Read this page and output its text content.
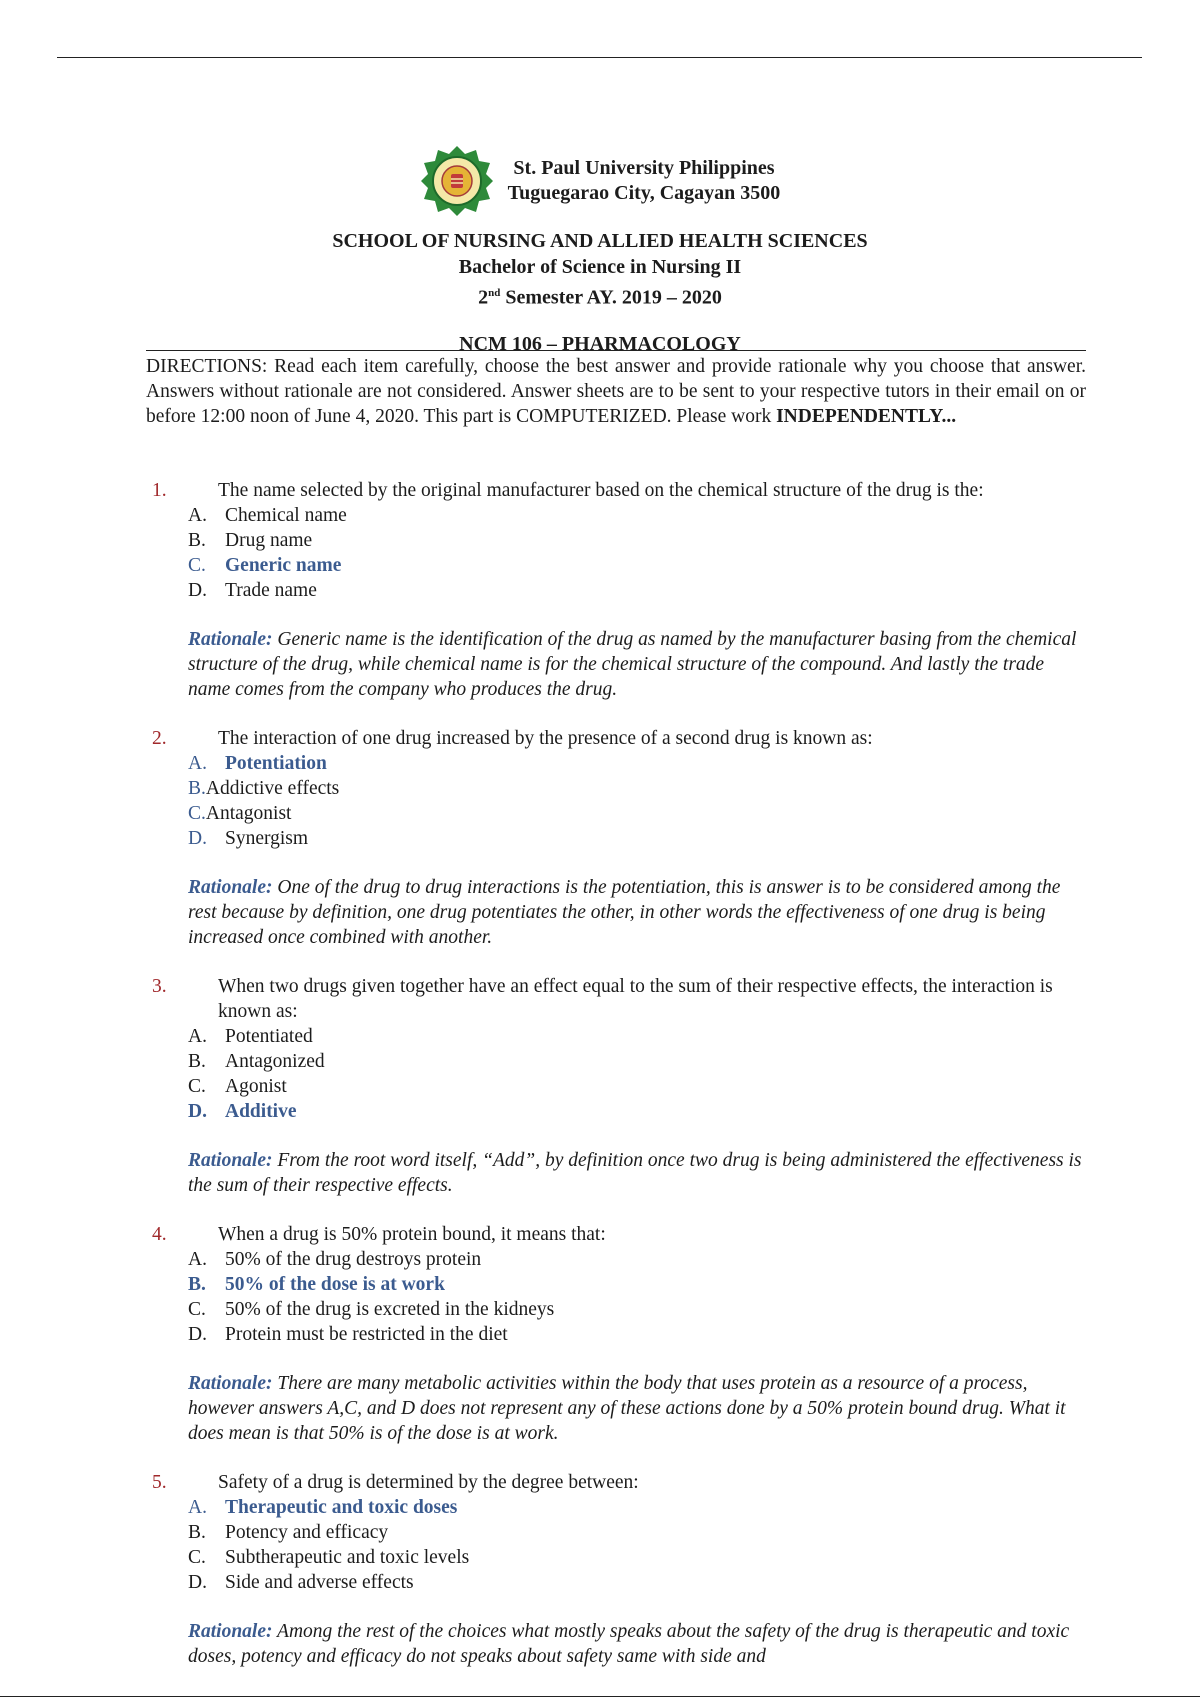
St. Paul University Philippines
Tuguegarao City, Cagayan 3500
SCHOOL OF NURSING AND ALLIED HEALTH SCIENCES
Bachelor of Science in Nursing II
2nd Semester AY. 2019 – 2020
NCM 106 – PHARMACOLOGY
DIRECTIONS: Read each item carefully, choose the best answer and provide rationale why you choose that answer. Answers without rationale are not considered. Answer sheets are to be sent to your respective tutors in their email on or before 12:00 noon of June 4, 2020. This part is COMPUTERIZED. Please work INDEPENDENTLY...
1.	The name selected by the original manufacturer based on the chemical structure of the drug is the:
A. Chemical name
B. Drug name
C. Generic name
D. Trade name
Rationale: Generic name is the identification of the drug as named by the manufacturer basing from the chemical structure of the drug, while chemical name is for the chemical structure of the compound. And lastly the trade name comes from the company who produces the drug.
2.	The interaction of one drug increased by the presence of a second drug is known as:
A. Potentiation
B. Addictive effects
C. Antagonist
D. Synergism
Rationale: One of the drug to drug interactions is the potentiation, this is answer is to be considered among the rest because by definition, one drug potentiates the other, in other words the effectiveness of one drug is being increased once combined with another.
3.	When two drugs given together have an effect equal to the sum of their respective effects, the interaction is known as:
A. Potentiated
B. Antagonized
C. Agonist
D. Additive
Rationale: From the root word itself, “Add”, by definition once two drug is being administered the effectiveness is the sum of their respective effects.
4.	When a drug is 50% protein bound, it means that:
A. 50% of the drug destroys protein
B. 50% of the dose is at work
C. 50% of the drug is excreted in the kidneys
D. Protein must be restricted in the diet
Rationale: There are many metabolic activities within the body that uses protein as a resource of a process, however answers A,C, and D does not represent any of these actions done by a 50% protein bound drug. What it does mean is that 50% is of the dose is at work.
5.	Safety of a drug is determined by the degree between:
A. Therapeutic and toxic doses
B. Potency and efficacy
C. Subtherapeutic and toxic levels
D. Side and adverse effects
Rationale: Among the rest of the choices what mostly speaks about the safety of the drug is therapeutic and toxic doses, potency and efficacy do not speaks about safety same with side and
